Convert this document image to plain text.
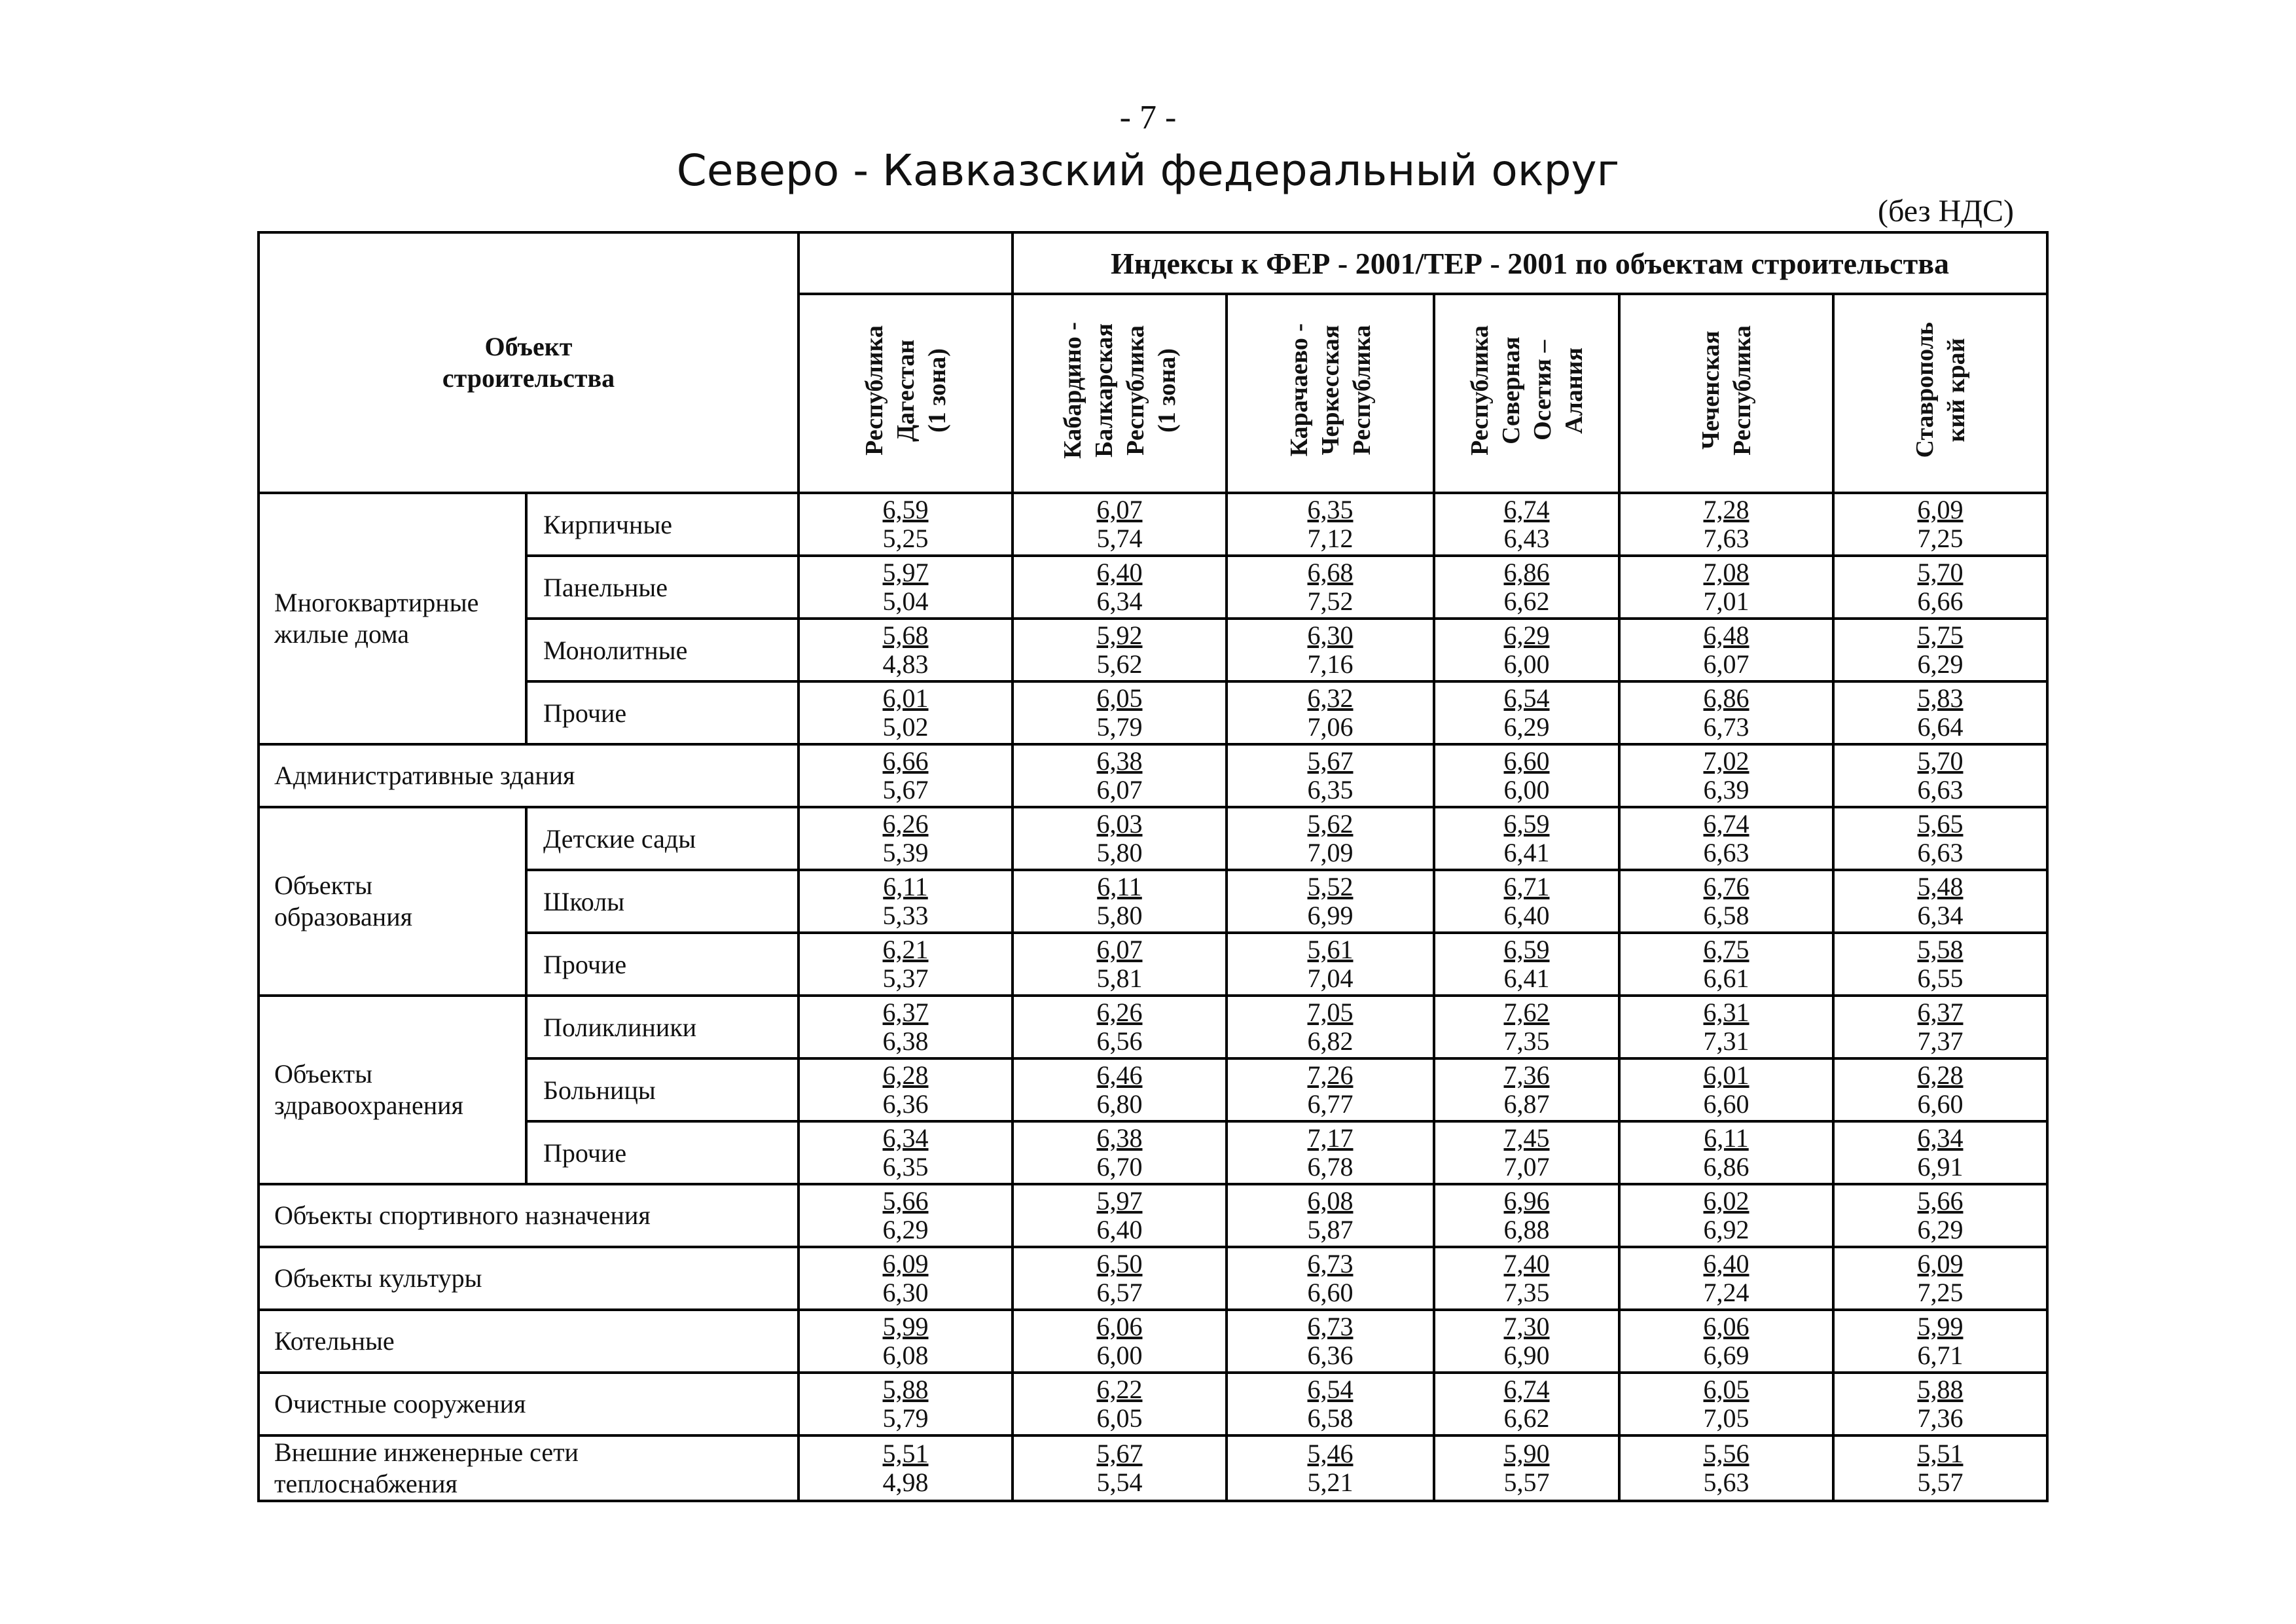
- 7 -
Северо - Кавказский федеральный округ
(без НДС)
Объект
строительства			Индексы к ФЕР - 2001/ТЕР - 2001 по объектам строительства				
		Республика
Дагестан
(1 зона)	Кабардино -
Балкарская
Республика
(1 зона)	Карачаево -
Черкесская
Республика	Республика
Северная
Осетия –
Алания	Чеченская
Республика	Ставрополь
кий край
Многоквартирные
жилые дома	Кирпичные	6,59
5,25	6,07
5,74	6,35
7,12	6,74
6,43	7,28
7,63	6,09
7,25

	Панельные	5,97
5,04	6,40
6,34	6,68
7,52	6,86
6,62	7,08
7,01	5,70
6,66

	Монолитные	5,68
4,83	5,92
5,62	6,30
7,16	6,29
6,00	6,48
6,07	5,75
6,29

	Прочие	6,01
5,02	6,05
5,79	6,32
7,06	6,54
6,29	6,86
6,73	5,83
6,64

Административные здания		6,66
5,67	6,38
6,07	5,67
6,35	6,60
6,00	7,02
6,39	5,70
6,63

Объекты
образования	Детские сады	6,26
5,39	6,03
5,80	5,62
7,09	6,59
6,41	6,74
6,63	5,65
6,63

	Школы	6,11
5,33	6,11
5,80	5,52
6,99	6,71
6,40	6,76
6,58	5,48
6,34

	Прочие	6,21
5,37	6,07
5,81	5,61
7,04	6,59
6,41	6,75
6,61	5,58
6,55

Объекты
здравоохранения	Поликлиники	6,37
6,38	6,26
6,56	7,05
6,82	7,62
7,35	6,31
7,31	6,37
7,37

	Больницы	6,28
6,36	6,46
6,80	7,26
6,77	7,36
6,87	6,01
6,60	6,28
6,60

	Прочие	6,34
6,35	6,38
6,70	7,17
6,78	7,45
7,07	6,11
6,86	6,34
6,91

Объекты спортивного назначения		5,66
6,29	5,97
6,40	6,08
5,87	6,96
6,88	6,02
6,92	5,66
6,29

Объекты культуры		6,09
6,30	6,50
6,57	6,73
6,60	7,40
7,35	6,40
7,24	6,09
7,25

Котельные		5,99
6,08	6,06
6,00	6,73
6,36	7,30
6,90	6,06
6,69	5,99
6,71

Очистные сооружения		5,88
5,79	6,22
6,05	6,54
6,58	6,74
6,62	6,05
7,05	5,88
7,36

Внешние инженерные сети
теплоснабжения		5,51
4,98	5,67
5,54	5,46
5,21	5,90
5,57	5,56
5,63	5,51
5,57
